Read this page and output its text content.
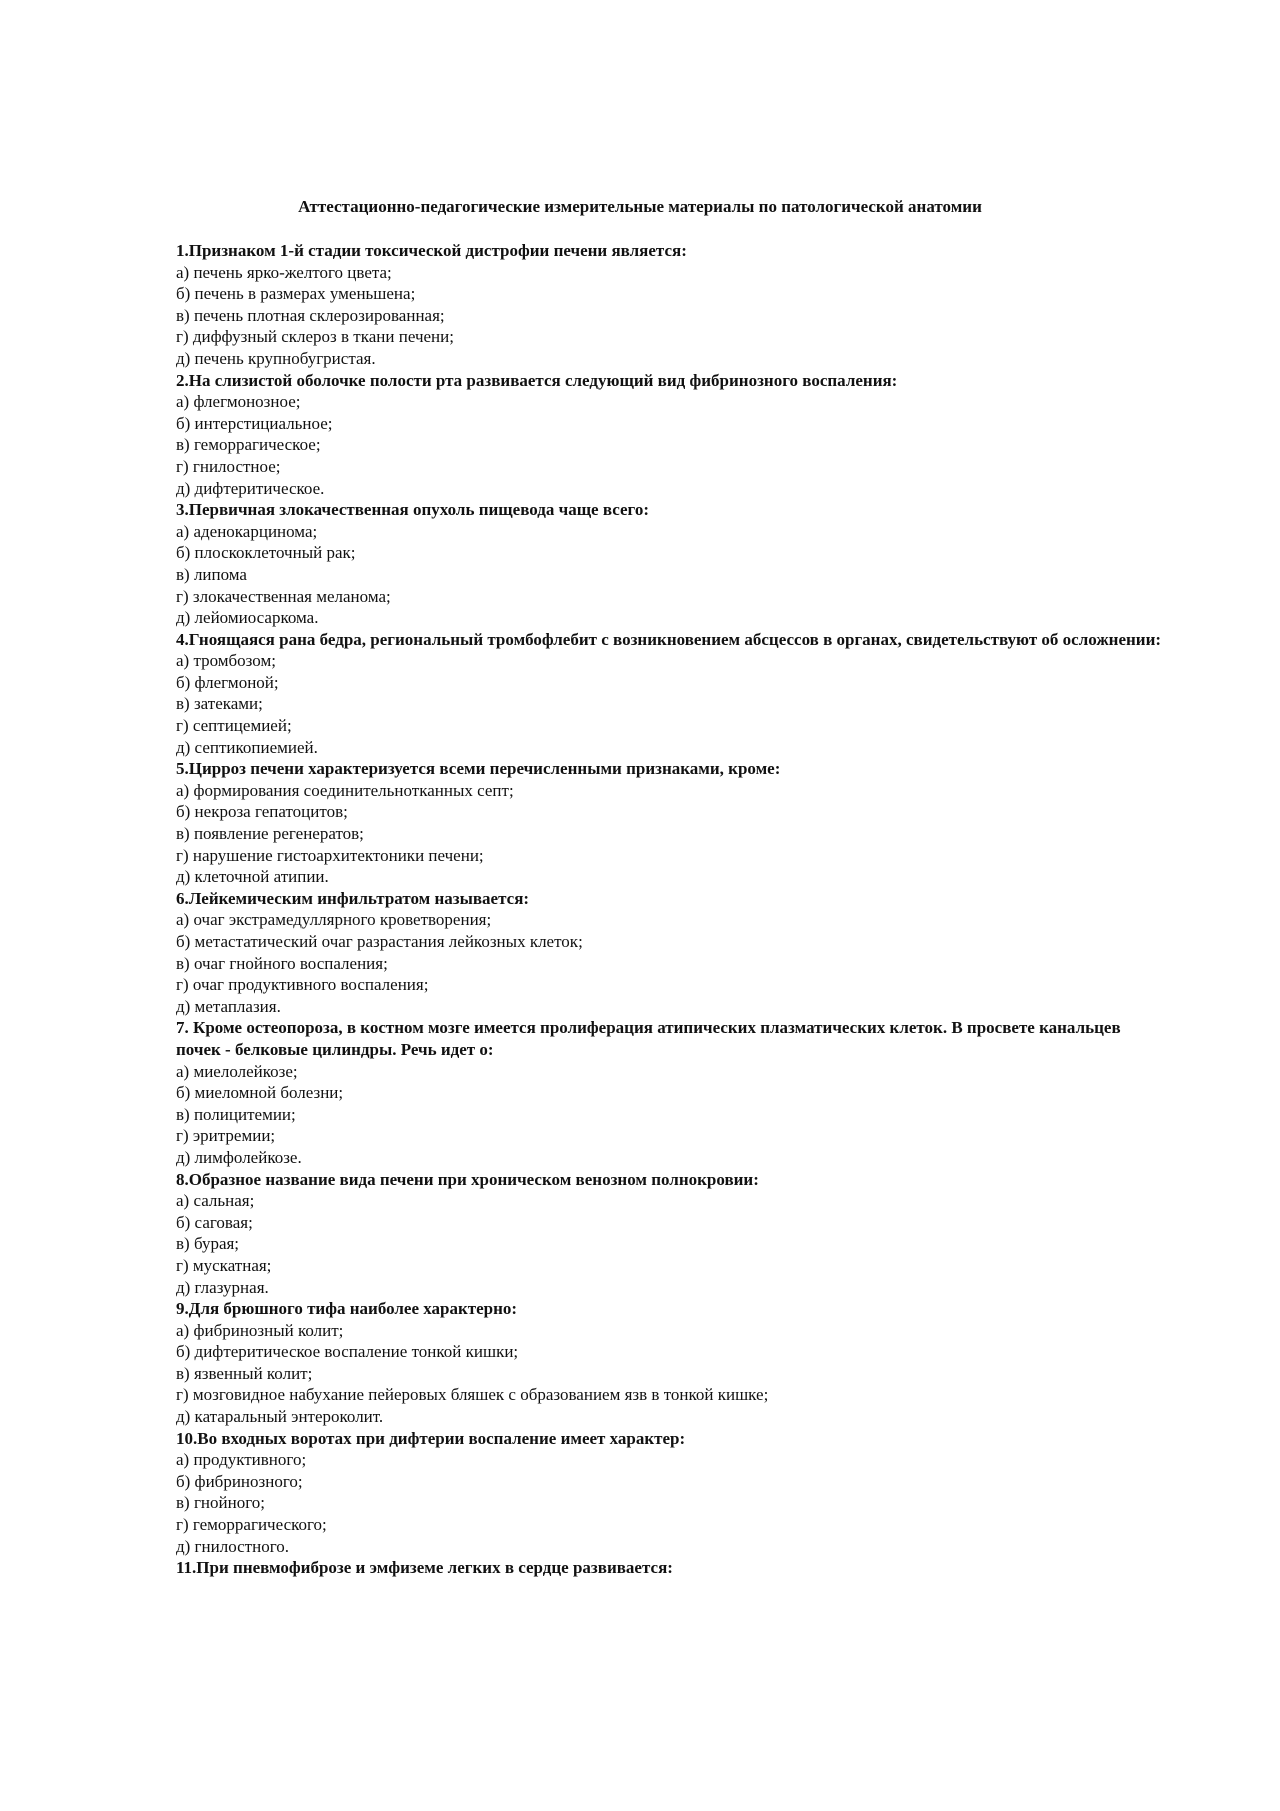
Аттестационно-педагогические измерительные материалы по патологической анатомии

1.Признаком 1-й стадии токсической дистрофии печени является:

а) печень ярко-желтого цвета;

б) печень в размерах уменьшена;

в) печень плотная склерозированная;

г) диффузный склероз в ткани печени;

д) печень крупнобугристая.

2.На слизистой оболочке полости рта развивается следующий вид фибринозного воспаления:

а) флегмонозное;

б) интерстициальное;

в) геморрагическое;

г) гнилостное;

д) дифтеритическое.

3.Первичная злокачественная опухоль пищевода чаще всего:

а) аденокарцинома;

б) плоскоклеточный рак;

в) липома

г) злокачественная меланома;

д) лейомиосаркома.

4.Гноящаяся рана бедра, региональный тромбофлебит с возникновением абсцессов в органах, свидетельствуют об осложнении:

а) тромбозом;

б) флегмоной;

в) затеками;

г) септицемией;

д) септикопиемией.

5.Цирроз печени характеризуется всеми перечисленными признаками, кроме:

а) формирования соединительнотканных септ;

б) некроза гепатоцитов;

в) появление регенератов;

г) нарушение гистоархитектоники печени;

д) клеточной атипии.

6.Лейкемическим инфильтратом называется:

а) очаг экстрамедуллярного кроветворения;

б) метастатический очаг разрастания лейкозных клеток;

в) очаг гнойного воспаления;

г) очаг продуктивного воспаления;

д) метаплазия.

7. Кроме остеопороза, в костном мозге имеется пролиферация атипических плазматических клеток. В просвете канальцев почек - белковые цилиндры. Речь идет о:

а) миелолейкозе;

б) миеломной болезни;

в) полицитемии;

г) эритремии;

д) лимфолейкозе.

8.Образное название вида печени при хроническом венозном полнокровии:

а) сальная;

б) саговая;

в) бурая;

г) мускатная;

д) глазурная.

9.Для брюшного тифа наиболее характерно:

а) фибринозный колит;

б) дифтеритическое воспаление тонкой кишки;

в) язвенный колит;

г) мозговидное набухание пейеровых бляшек с образованием язв в тонкой кишке;

д) катаральный энтероколит.

10.Во входных воротах при дифтерии воспаление имеет характер:

а) продуктивного;

б) фибринозного;

в) гнойного;

г) геморрагического;

д) гнилостного.

11.При пневмофиброзе и эмфиземе легких в сердце развивается:
